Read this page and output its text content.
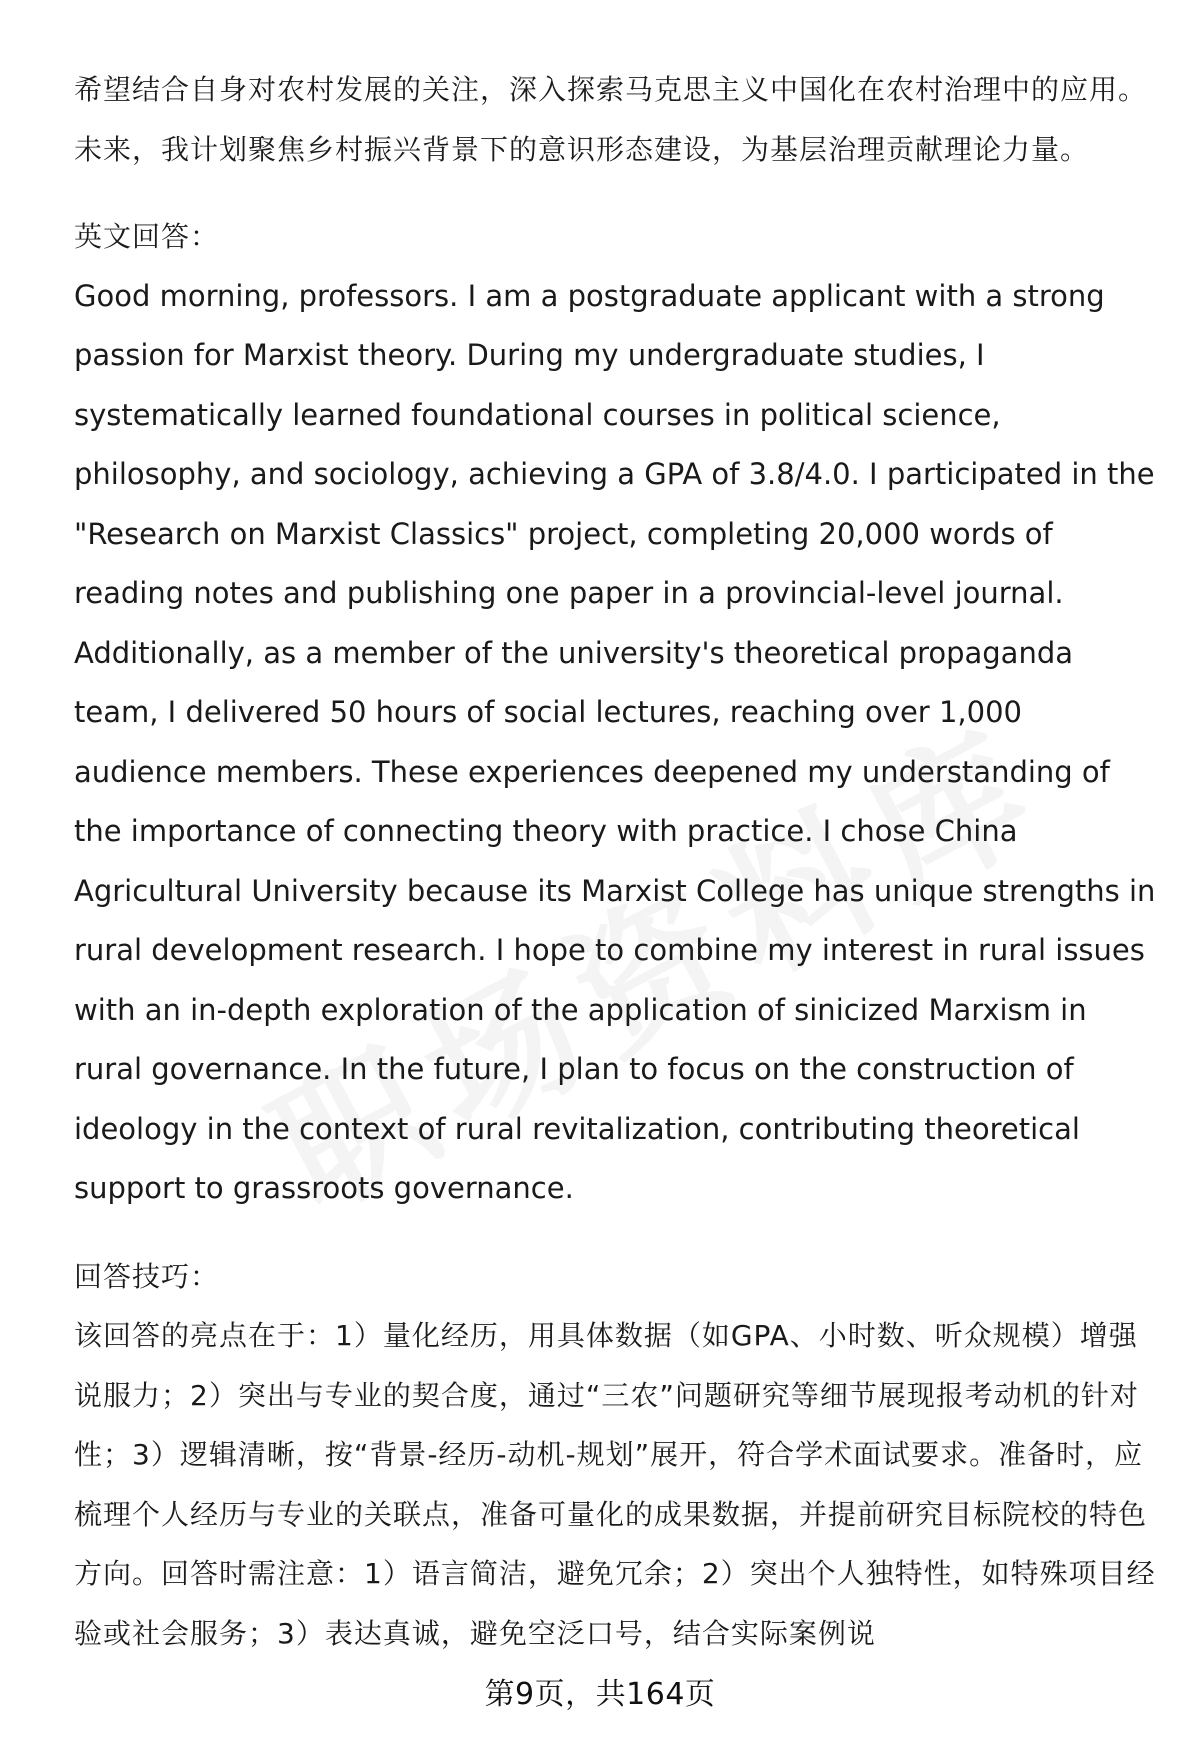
希望结合自身对农村发展的关注，深入探索马克思主义中国化在农村治理中的应用。未来，我计划聚焦乡村振兴背景下的意识形态建设，为基层治理贡献理论力量。

英文回答：

Good morning, professors. I am a postgraduate applicant with a strong passion for Marxist theory. During my undergraduate studies, I systematically learned foundational courses in political science, philosophy, and sociology, achieving a GPA of 3.8/4.0. I participated in the "Research on Marxist Classics" project, completing 20,000 words of reading notes and publishing one paper in a provincial-level journal. Additionally, as a member of the university's theoretical propaganda team, I delivered 50 hours of social lectures, reaching over 1,000 audience members. These experiences deepened my understanding of the importance of connecting theory with practice. I chose China Agricultural University because its Marxist College has unique strengths in rural development research. I hope to combine my interest in rural issues with an in-depth exploration of the application of sinicized Marxism in rural governance. In the future, I plan to focus on the construction of ideology in the context of rural revitalization, contributing theoretical support to grassroots governance.

回答技巧：

该回答的亮点在于：1）量化经历，用具体数据（如GPA、小时数、听众规模）增强说服力；2）突出与专业的契合度，通过“三农”问题研究等细节展现报考动机的针对性；3）逻辑清晰，按“背景-经历-动机-规划”展开，符合学术面试要求。准备时，应梳理个人经历与专业的关联点，准备可量化的成果数据，并提前研究目标院校的特色方向。回答时需注意：1）语言简洁，避免冗余；2）突出个人独特性，如特殊项目经验或社会服务；3）表达真诚，避免空泛口号，结合实际案例说

第9页，共164页
